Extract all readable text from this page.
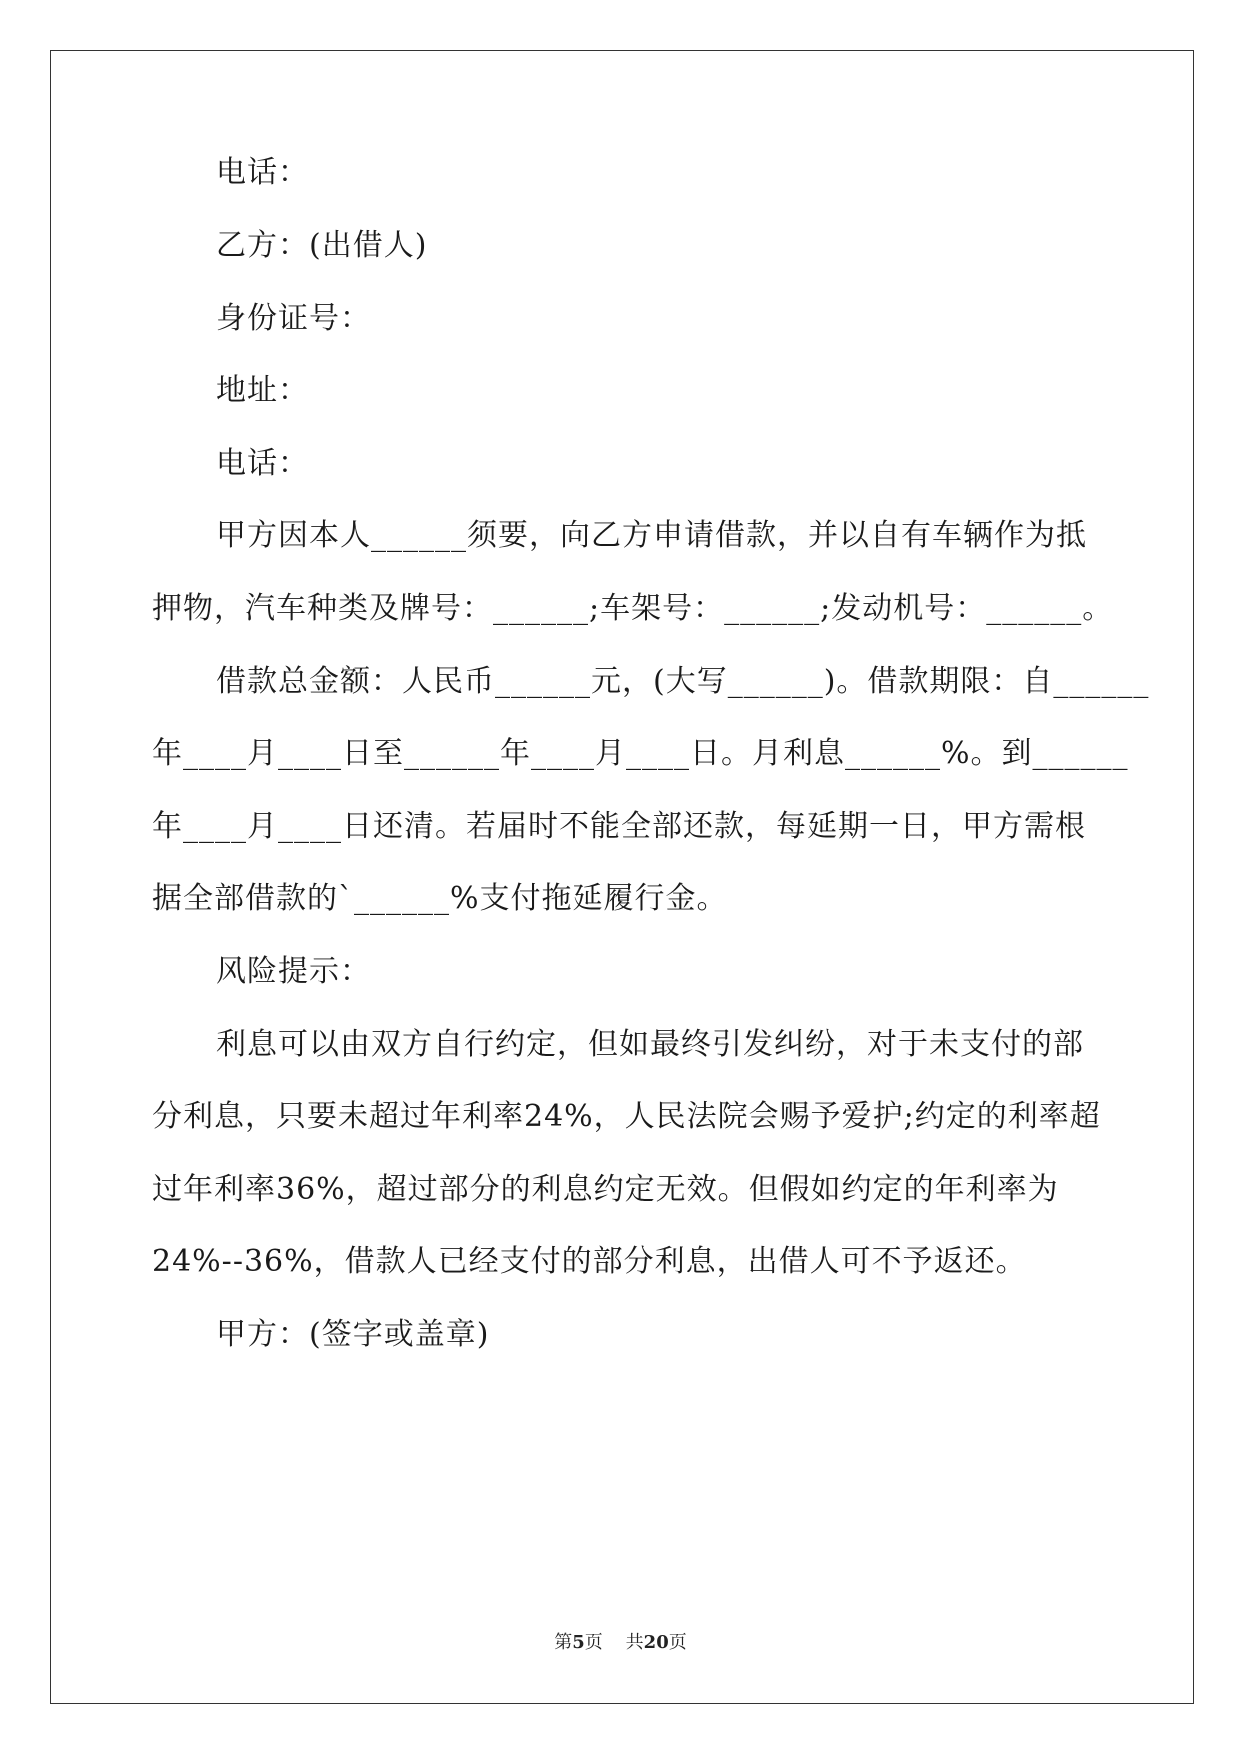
电话：
乙方：(出借人)
身份证号：
地址：
电话：
甲方因本人______须要，向乙方申请借款，并以自有车辆作为抵
押物，汽车种类及牌号：______;车架号：______;发动机号：______。
借款总金额：人民币______元，(大写______)。借款期限：自______
年____月____日至______年____月____日。月利息______%。到______
年____月____日还清。若届时不能全部还款，每延期一日，甲方需根
据全部借款的`______%支付拖延履行金。
风险提示：
利息可以由双方自行约定，但如最终引发纠纷，对于未支付的部
分利息，只要未超过年利率24%，人民法院会赐予爱护;约定的利率超
过年利率36%，超过部分的利息约定无效。但假如约定的年利率为
24%--36%，借款人已经支付的部分利息，出借人可不予返还。
甲方：(签字或盖章)
第5页 共20页
